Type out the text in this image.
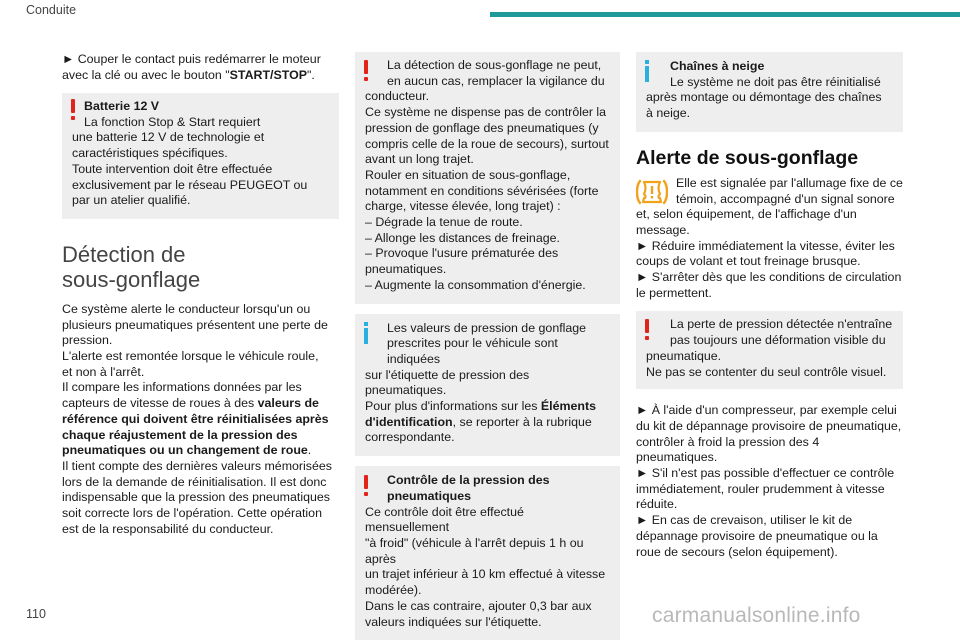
Conduite

► Couper le contact puis redémarrer le moteur
avec la clé ou avec le bouton "START/STOP".

Batterie 12 V
La fonction Stop & Start requiert
une batterie 12 V de technologie et
caractéristiques spécifiques.
Toute intervention doit être effectuée
exclusivement par le réseau PEUGEOT ou
par un atelier qualifié.
Détection de
sous-gonflage
Ce système alerte le conducteur lorsqu'un ou
plusieurs pneumatiques présentent une perte de
pression.
L'alerte est remontée lorsque le véhicule roule,
et non à l'arrêt.
Il compare les informations données par les
capteurs de vitesse de roues à des valeurs de
référence qui doivent être réinitialisées après
chaque réajustement de la pression des
pneumatiques ou un changement de roue.
Il tient compte des dernières valeurs mémorisées
lors de la demande de réinitialisation. Il est donc
indispensable que la pression des pneumatiques
soit correcte lors de l'opération. Cette opération
est de la responsabilité du conducteur.
La détection de sous-gonflage ne peut,
en aucun cas, remplacer la vigilance du
conducteur.
Ce système ne dispense pas de contrôler la
pression de gonflage des pneumatiques (y
compris celle de la roue de secours), surtout
avant un long trajet.
Rouler en situation de sous-gonflage,
notamment en conditions sévérisées (forte
charge, vitesse élevée, long trajet) :
– Dégrade la tenue de route.
– Allonge les distances de freinage.
– Provoque l'usure prématurée des
pneumatiques.
– Augmente la consommation d'énergie.
Les valeurs de pression de gonflage
prescrites pour le véhicule sont indiquées
sur l'étiquette de pression des pneumatiques.
Pour plus d'informations sur les Éléments
d'identification, se reporter à la rubrique
correspondante.
Contrôle de la pression des
pneumatiques
Ce contrôle doit être effectué mensuellement
"à froid" (véhicule à l'arrêt depuis 1 h ou après
un trajet inférieur à 10 km effectué à vitesse
modérée).
Dans le cas contraire, ajouter 0,3 bar aux
valeurs indiquées sur l'étiquette.
Chaînes à neige
Le système ne doit pas être réinitialisé
après montage ou démontage des chaînes
à neige.
Alerte de sous-gonflage
Elle est signalée par l'allumage fixe de ce
témoin, accompagné d'un signal sonore
et, selon équipement, de l'affichage d'un
message.
► Réduire immédiatement la vitesse, éviter les
coups de volant et tout freinage brusque.
► S'arrêter dès que les conditions de circulation
le permettent.
La perte de pression détectée n'entraîne
pas toujours une déformation visible du
pneumatique.
Ne pas se contenter du seul contrôle visuel.
► À l'aide d'un compresseur, par exemple celui
du kit de dépannage provisoire de pneumatique,
contrôler à froid la pression des 4 pneumatiques.
► S'il n'est pas possible d'effectuer ce contrôle
immédiatement, rouler prudemment à vitesse
réduite.
► En cas de crevaison, utiliser le kit de
dépannage provisoire de pneumatique ou la
roue de secours (selon équipement).
110	carmanualsonline.info
